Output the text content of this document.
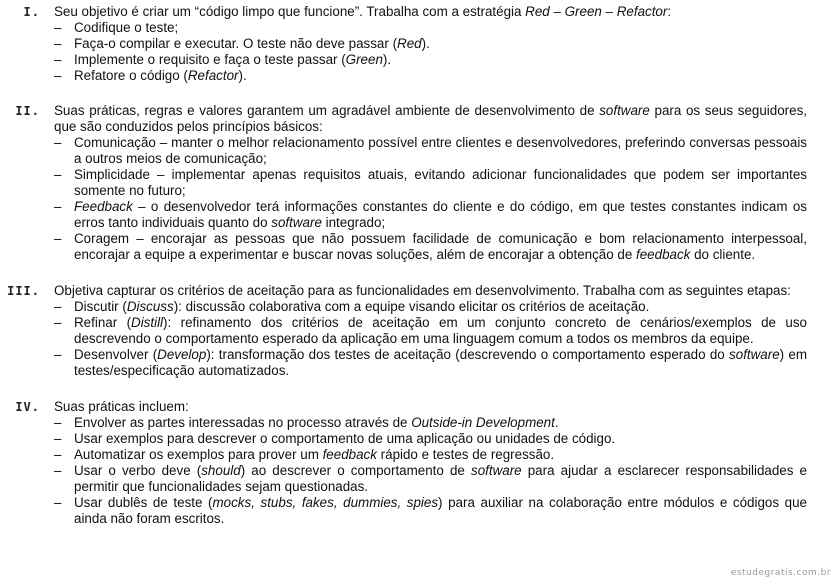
I. Seu objetivo é criar um “código limpo que funcione”. Trabalha com a estratégia Red – Green – Refactor:
– Codifique o teste;
– Faça-o compilar e executar. O teste não deve passar (Red).
– Implemente o requisito e faça o teste passar (Green).
– Refatore o código (Refactor).
II. Suas práticas, regras e valores garantem um agradável ambiente de desenvolvimento de software para os seus seguidores, que são conduzidos pelos princípios básicos:
– Comunicação – manter o melhor relacionamento possível entre clientes e desenvolvedores, preferindo conversas pessoais a outros meios de comunicação;
– Simplicidade – implementar apenas requisitos atuais, evitando adicionar funcionalidades que podem ser importantes somente no futuro;
– Feedback – o desenvolvedor terá informações constantes do cliente e do código, em que testes constantes indicam os erros tanto individuais quanto do software integrado;
– Coragem – encorajar as pessoas que não possuem facilidade de comunicação e bom relacionamento interpessoal, encorajar a equipe a experimentar e buscar novas soluções, além de encorajar a obtenção de feedback do cliente.
III. Objetiva capturar os critérios de aceitação para as funcionalidades em desenvolvimento. Trabalha com as seguintes etapas:
– Discutir (Discuss): discussão colaborativa com a equipe visando elicitar os critérios de aceitação.
– Refinar (Distill): refinamento dos critérios de aceitação em um conjunto concreto de cenários/exemplos de uso descrevendo o comportamento esperado da aplicação em uma linguagem comum a todos os membros da equipe.
– Desenvolver (Develop): transformação dos testes de aceitação (descrevendo o comportamento esperado do software) em testes/especificação automatizados.
IV. Suas práticas incluem:
– Envolver as partes interessadas no processo através de Outside-in Development.
– Usar exemplos para descrever o comportamento de uma aplicação ou unidades de código.
– Automatizar os exemplos para prover um feedback rápido e testes de regressão.
– Usar o verbo deve (should) ao descrever o comportamento de software para ajudar a esclarecer responsabilidades e permitir que funcionalidades sejam questionadas.
– Usar dublês de teste (mocks, stubs, fakes, dummies, spies) para auxiliar na colaboração entre módulos e códigos que ainda não foram escritos.
estudegratis.com.br
